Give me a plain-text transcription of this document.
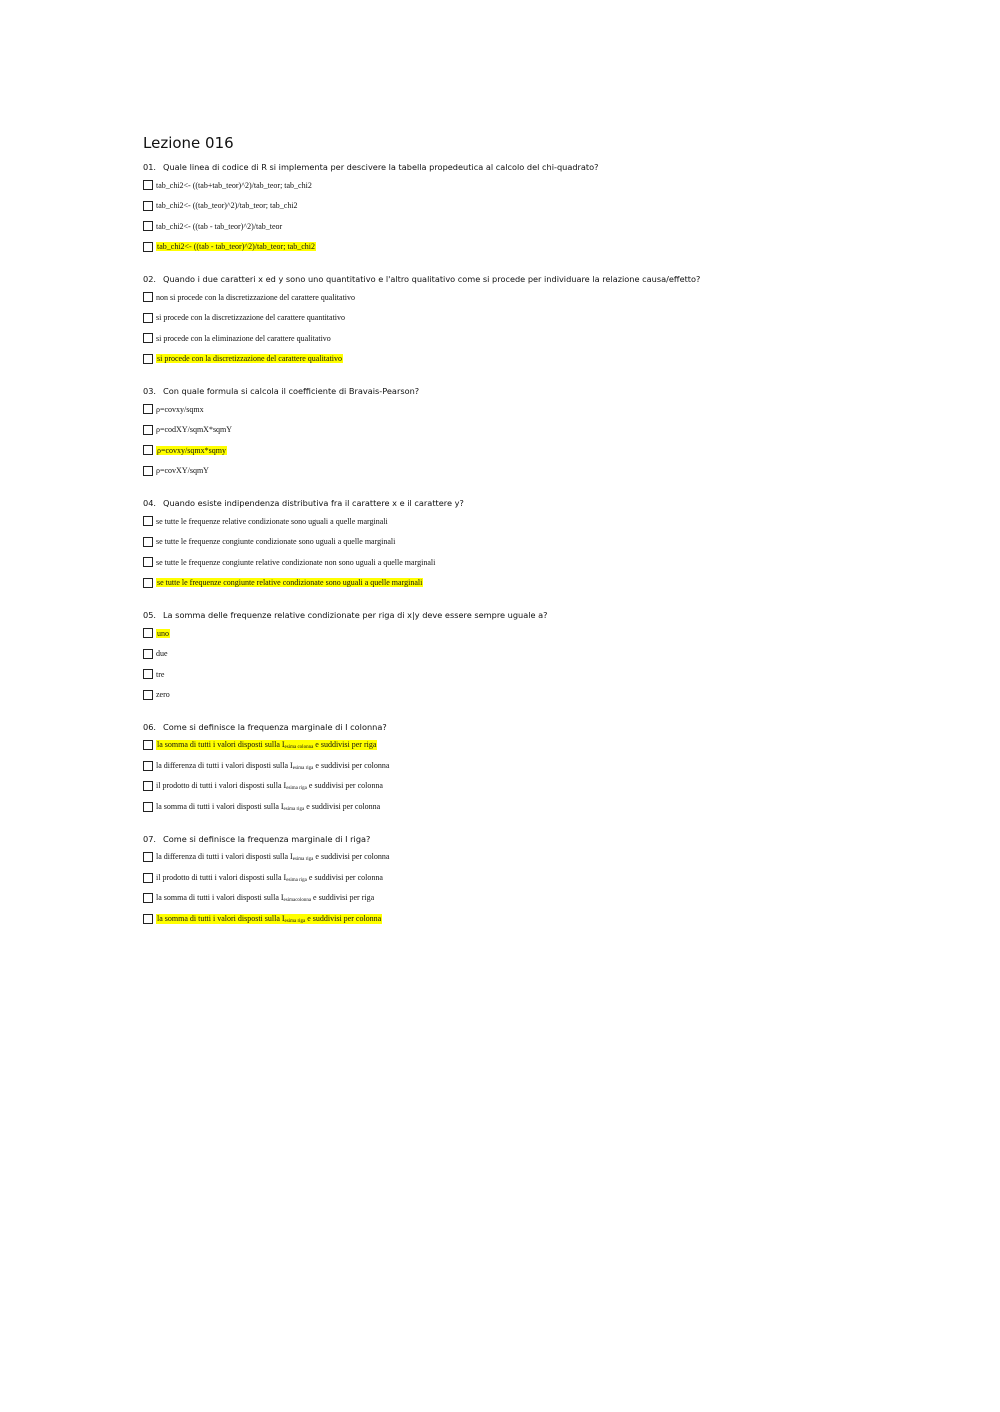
Lezione 016
01. Quale linea di codice di R si implementa per descivere la tabella propedeutica al calcolo del chi-quadrato?
tab_chi2<- ((tab+tab_teor)^2)/tab_teor; tab_chi2
tab_chi2<- ((tab_teor)^2)/tab_teor; tab_chi2
tab_chi2<- ((tab - tab_teor)^2)/tab_teor
tab_chi2<- ((tab - tab_teor)^2)/tab_teor; tab_chi2
02. Quando i due caratteri x ed y sono uno quantitativo e l'altro qualitativo come si procede per individuare la relazione causa/effetto?
non si procede con la discretizzazione del carattere qualitativo
si procede con la discretizzazione del carattere quantitativo
si procede con la eliminazione del carattere qualitativo
si procede con la discretizzazione del carattere qualitativo
03. Con quale formula si calcola il coefficiente di Bravais-Pearson?
ρ=covxy/sqmx
ρ=codXY/sqmX*sqmY
ρ=covxy/sqmx*sqmy
ρ=covXY/sqmY
04. Quando esiste indipendenza distributiva fra il carattere x e il carattere y?
se tutte le frequenze relative condizionate sono uguali a quelle marginali
se tutte le frequenze congiunte condizionate sono uguali a quelle marginali
se tutte le frequenze congiunte relative condizionate non sono uguali a quelle marginali
se tutte le frequenze congiunte relative condizionate sono uguali a quelle marginali
05. La somma delle frequenze relative condizionate per riga di x|y deve essere sempre uguale a?
uno
due
tre
zero
06. Come si definisce la frequenza marginale di I colonna?
la somma di tutti i valori disposti sulla $I_{esima colonna}$ e suddivisi per riga
la differenza di tutti i valori disposti sulla $I_{esima riga}$ e suddivisi per colonna
il prodotto di tutti i valori disposti sulla $I_{esima riga}$ e suddivisi per colonna
la somma di tutti i valori disposti sulla $I_{esima riga}$ e suddivisi per colonna
07. Come si definisce la frequenza marginale di I riga?
la differenza di tutti i valori disposti sulla $I_{esima riga}$ e suddivisi per colonna
il prodotto di tutti i valori disposti sulla $I_{esima riga}$ e suddivisi per colonna
la somma di tutti i valori disposti sulla $I_{esimacolonna}$ e suddivisi per riga
la somma di tutti i valori disposti sulla $I_{esima riga}$ e suddivisi per colonna
